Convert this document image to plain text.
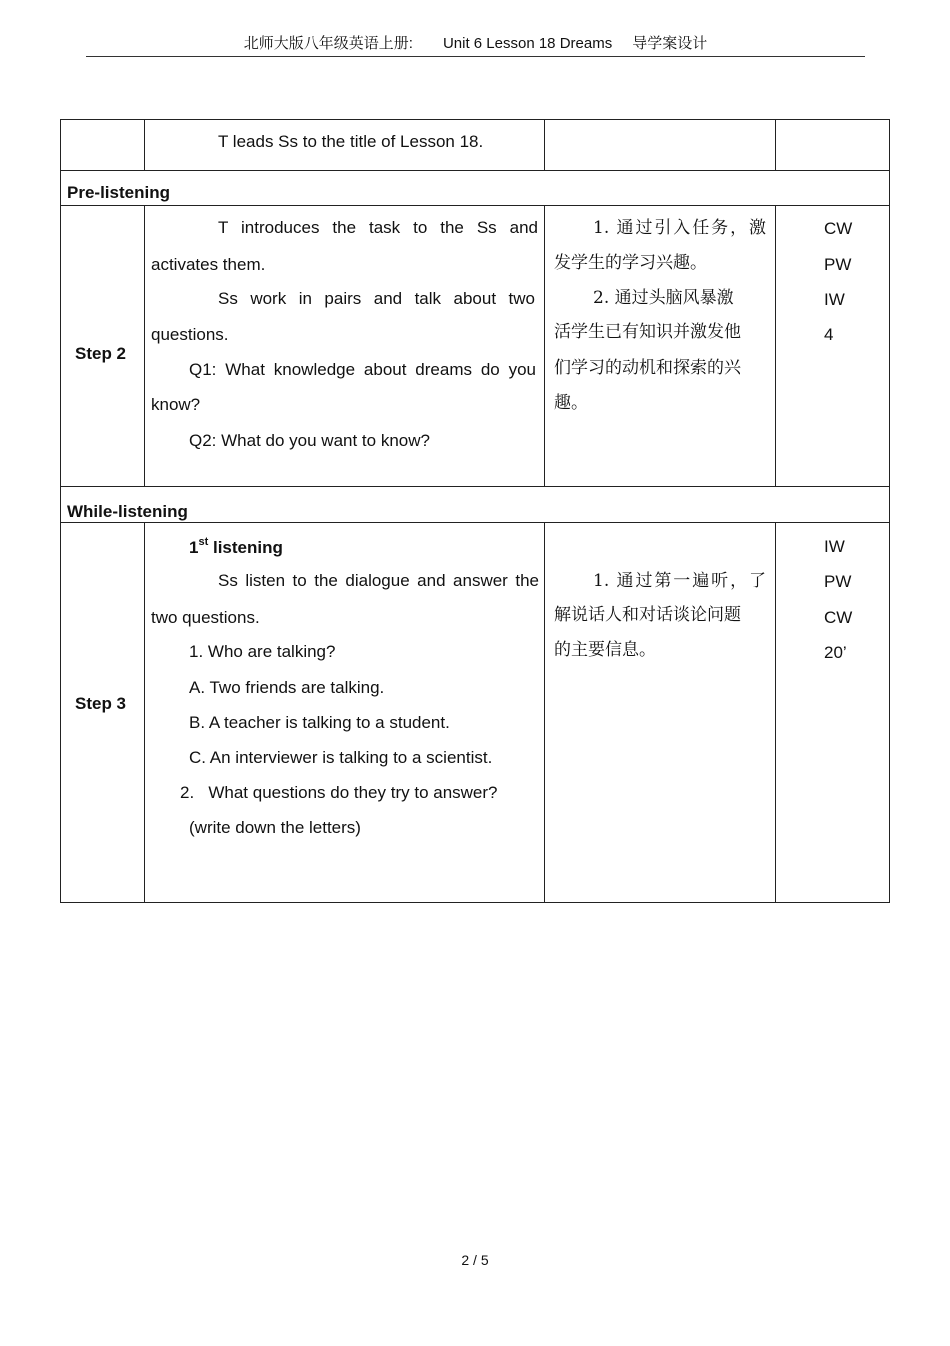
北师大版八年级英语上册: Unit 6 Lesson 18 Dreams 导学案设计
T leads Ss to the title of Lesson 18.
Pre-listening
Step 2
T introduces the task to the Ss and
activates them.
Ss work in pairs and talk about two
questions.
Q1: What knowledge about dreams do you
know?
Q2: What do you want to know?
1. 通过引入任务，激
发学生的学习兴趣。
2. 通过头脑风暴激
活学生已有知识并激发他
们学习的动机和探索的兴
趣。
CW
PW
IW
4
While-listening
Step 3
1st listening
Ss listen to the dialogue and answer the
two questions.
1. Who are talking?
A. Two friends are talking.
B. A teacher is talking to a student.
C. An interviewer is talking to a scientist.
2.   What questions do they try to answer?
(write down the letters)
1. 通过第一遍听，了
解说话人和对话谈论问题
的主要信息。
IW
PW
CW
20’
2 / 5
